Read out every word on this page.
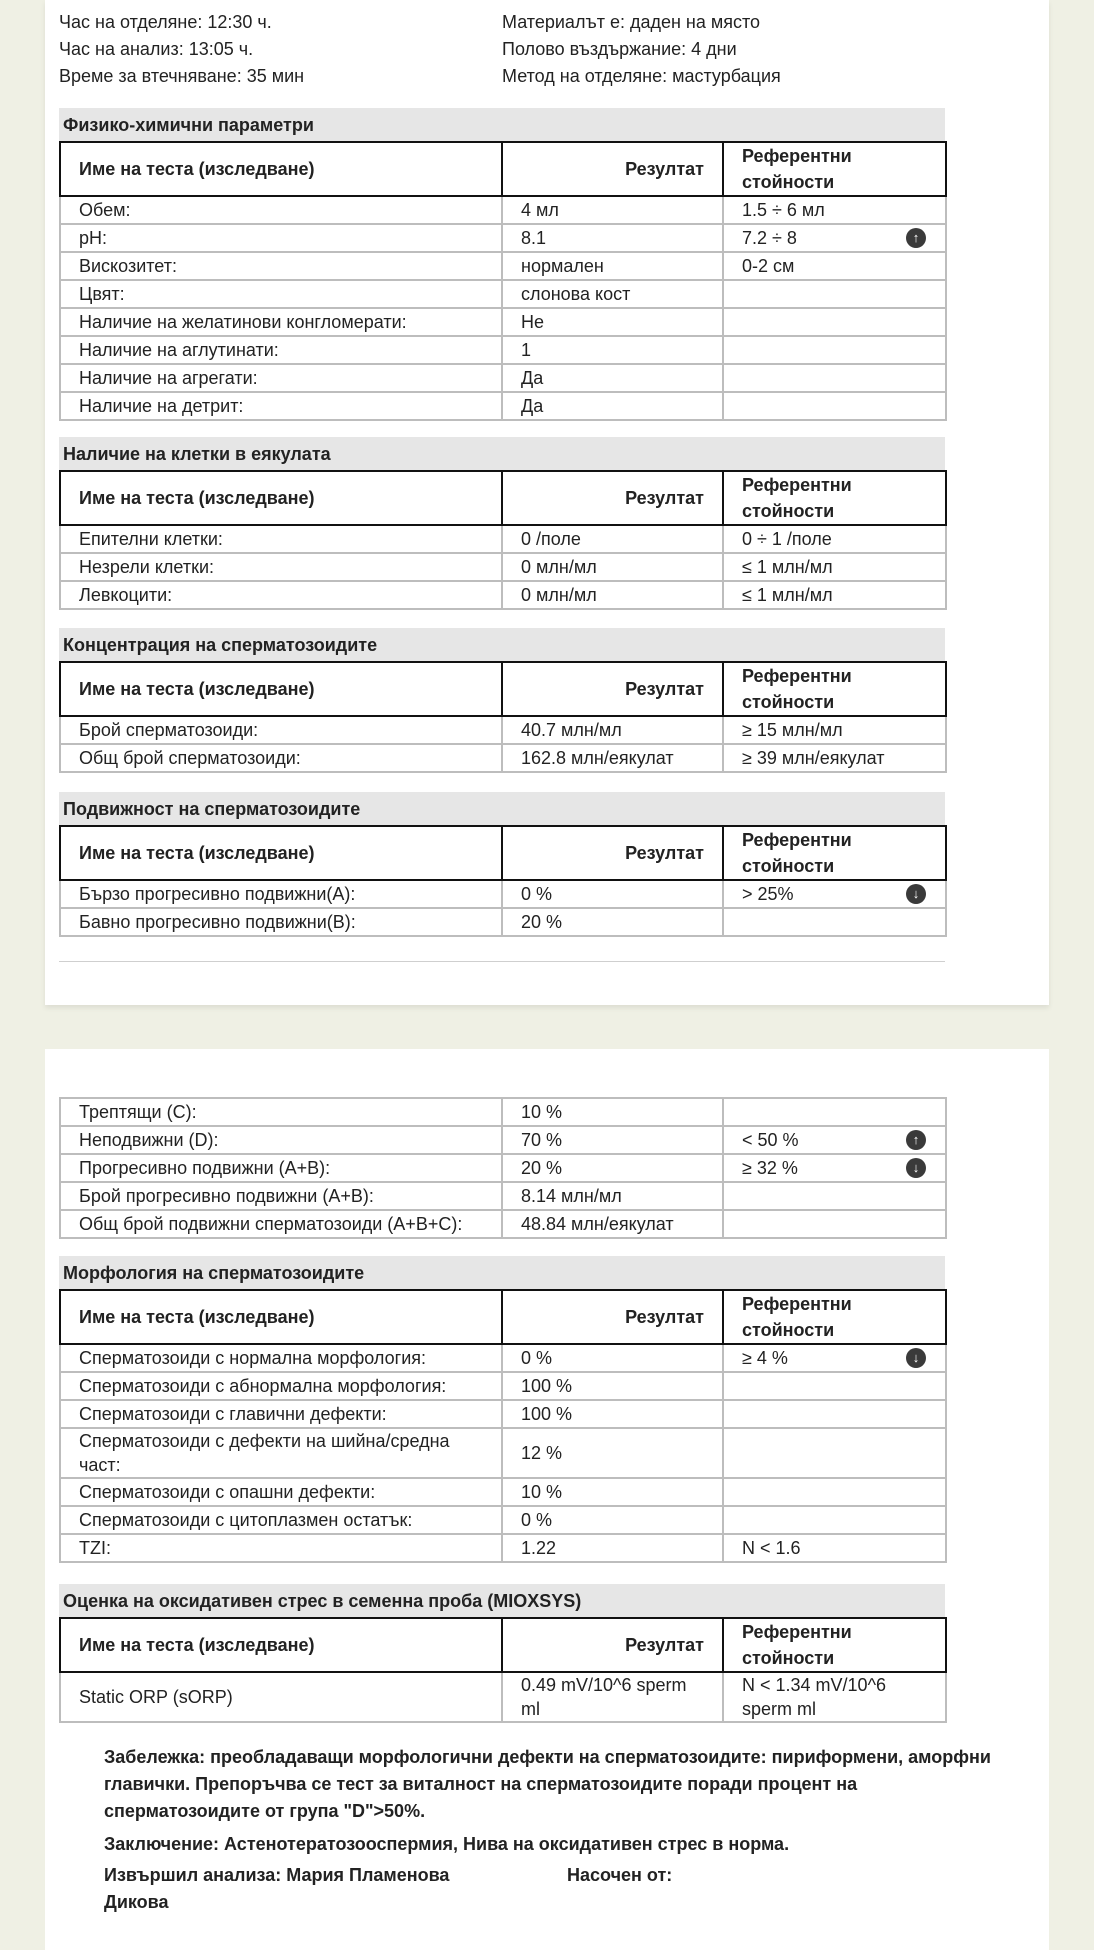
Час на отделяне: 12:30 ч.
Час на анализ: 13:05 ч.
Време за втечняване: 35 мин
Материалът е: даден на място
Полово въздържание: 4 дни
Метод на отделяне: мастурбация
Физико-химични параметри
Име на теста (изследване)	Резултат	Референтни
стойности

Обем:	4 мл	1.5 ÷ 6 мл
pH:	8.1	7.2 ÷ 8 ↑

Вискозитет:	нормален	0-2 см
Цвят:	слонова кост	
Наличие на желатинови конгломерати:	Не	
Наличие на аглутинати:	1	
Наличие на агрегати:	Да	
Наличие на детрит:	Да	
Наличие на клетки в еякулата
Име на теста (изследване)	Резултат	Референтни
стойности

Епителни клетки:	0 /поле	0 ÷ 1 /поле
Незрели клетки:	0 млн/мл	≤ 1 млн/мл
Левкоцити:	0 млн/мл	≤ 1 млн/мл
Концентрация на сперматозоидите
Име на теста (изследване)	Резултат	Референтни
стойности

Брой сперматозоиди:	40.7 млн/мл	≥ 15 млн/мл
Общ брой сперматозоиди:	162.8 млн/еякулат	≥ 39 млн/еякулат
Подвижност на сперматозоидите
Име на теста (изследване)	Резултат	Референтни
стойности

Бързо прогресивно подвижни(A):	0 %	> 25% ↓

Бавно прогресивно подвижни(B):	20 %	
Трептящи (C):	10 %	
Неподвижни (D):	70 %	< 50 % ↑

Прогресивно подвижни (A+B):	20 %	≥ 32 % ↓

Брой прогресивно подвижни (A+B):	8.14 млн/мл	
Общ брой подвижни сперматозоиди (A+B+C):	48.84 млн/еякулат	
Морфология на сперматозоидите
Име на теста (изследване)	Резултат	Референтни
стойности

Сперматозоиди с нормална морфология:	0 %	≥ 4 % ↓

Сперматозоиди с абнормална морфология:	100 %	
Сперматозоиди с главични дефекти:	100 %	
Сперматозоиди с дефекти на шийна/средна част:	12 %	
Сперматозоиди с опашни дефекти:	10 %	
Сперматозоиди с цитоплазмен остатък:	0 %	
TZI:	1.22	N < 1.6
Оценка на оксидативен стрес в семенна проба (MIOXSYS)
Име на теста (изследване)	Резултат	Референтни
стойности

Static ORP (sORP)	0.49 mV/10^6 sperm ml	N < 1.34 mV/10^6 sperm ml

Забележка: преобладаващи морфологични дефекти на сперматозоидите: пириформени, аморфни главички. Препоръчва се тест за виталност на сперматозоидите поради процент на сперматозоидите от група "D">50%.

Заключение: Астенотератозооспермия, Нива на оксидативен стрес в норма.

Извършил анализа: Мария Пламенова
Дикова
Насочен от:
